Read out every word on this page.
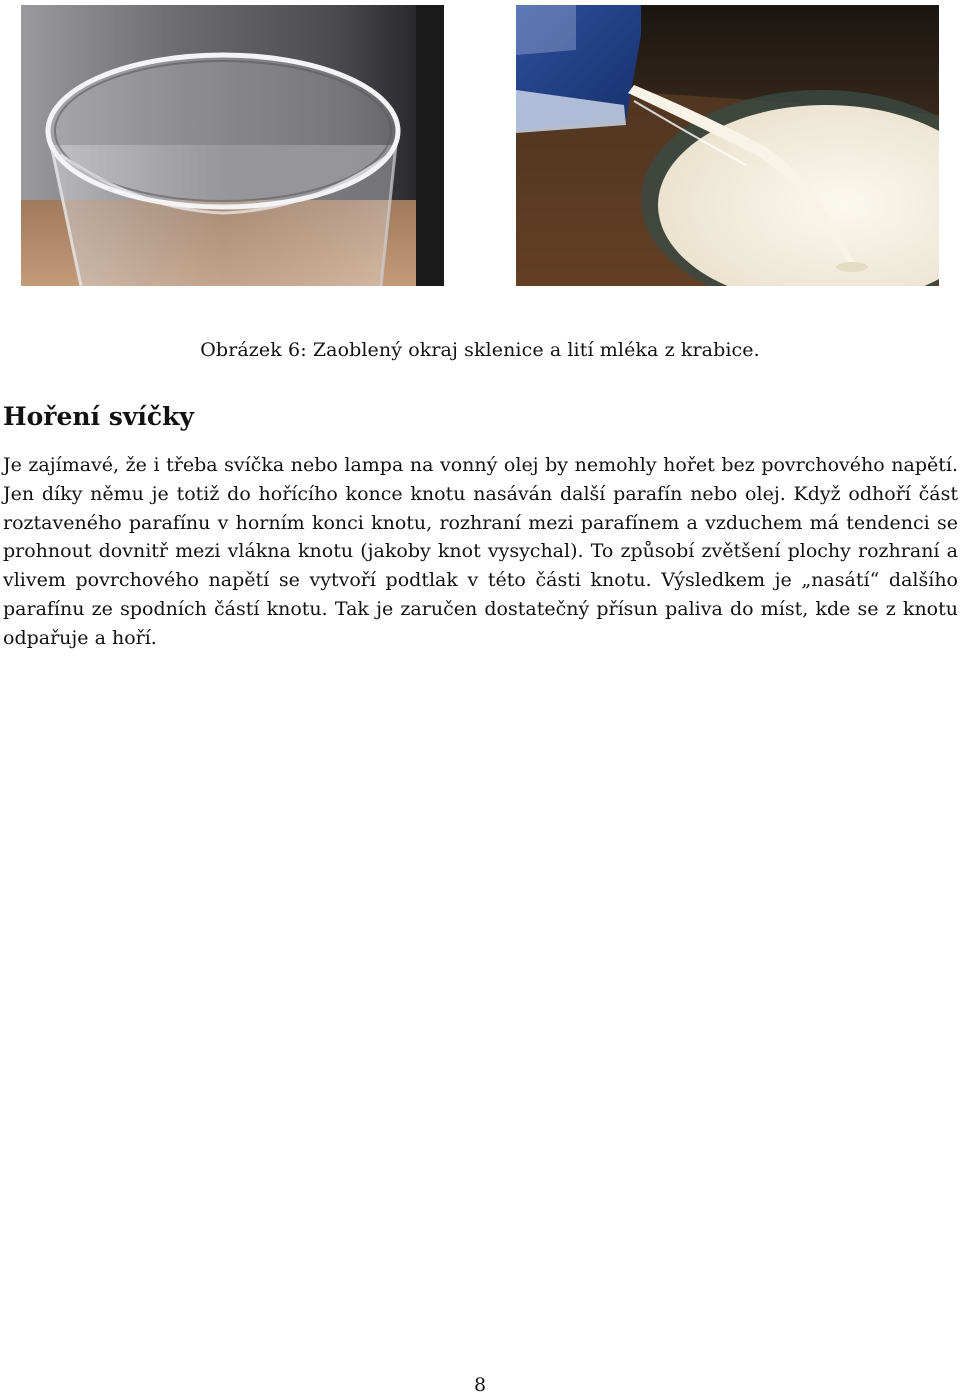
Obrázek 6: Zaoblený okraj sklenice a lití mléka z krabice.
Hoření svíčky

Je zajímavé, že i třeba svíčka nebo lampa na vonný olej by nemohly hořet bez povrchového napětí. Jen díky němu je totiž do hořícího konce knotu nasáván další parafín nebo olej. Když odhoří část roztaveného parafínu v horním konci knotu, rozhraní mezi parafínem a vzduchem má tendenci se prohnout dovnitř mezi vlákna knotu (jakoby knot vysychal). To způsobí zvětšení plochy rozhraní a vlivem povrchového napětí se vytvoří podtlak v této části knotu. Výsledkem je „nasátí“ dalšího parafínu ze spodních částí knotu. Tak je zaručen dostatečný přísun paliva do míst, kde se z knotu odpařuje a hoří.

8
